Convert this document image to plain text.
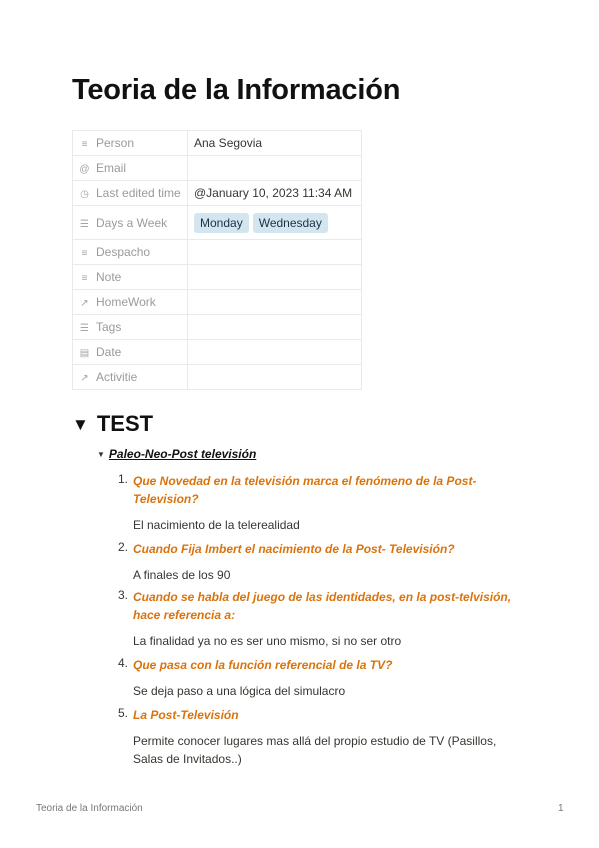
Teoria de la Información
≡ Person	Ana Segovia
@ Email	
◷ Last edited time	@January 10, 2023 11:34 AM
☰ Days a Week	Monday Wednesday
≡ Despacho	
≡ Note	
↗ HomeWork	
☰ Tags	
▤ Date	
↗ Activitie	
▼ TEST
▼ Paleo-Neo-Post televisión
1. Que Novedad en la televisión marca el fenómeno de la Post-Television?
El nacimiento de la telerealidad
2. Cuando Fija Imbert el nacimiento de la Post- Televisión?
A finales de los 90
3. Cuando se habla del juego de las identidades, en la post-telvisión, hace referencia a:
La finalidad ya no es ser uno mismo, si no ser otro
4. Que pasa con la función referencial de la TV?
Se deja paso a una lógica del simulacro
5. La Post-Televisión
Permite conocer lugares mas allá del propio estudio de TV (Pasillos, Salas de Invitados..)
Teoria de la Información	1
